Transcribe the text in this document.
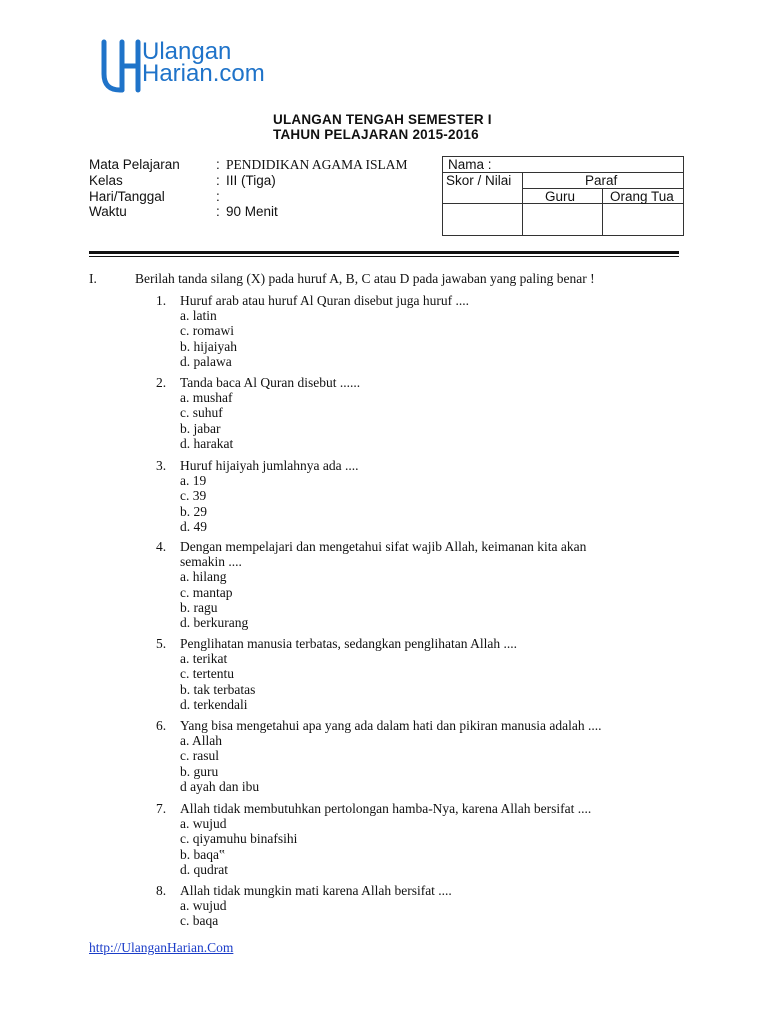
Ulangan
Harian.com
ULANGAN TENGAH SEMESTER I
TAHUN PELAJARAN 2015-2016
Mata Pelajaran	: PENDIDIKAN AGAMA ISLAM
Kelas	: III (Tiga)
Hari/Tanggal	:
Waktu	: 90 Menit
Nama :
Skor / Nilai	Paraf
Guru	Orang Tua
I.	Berilah tanda silang (X) pada huruf A, B, C atau D pada jawaban yang paling benar !
1. Huruf arab atau huruf Al Quran disebut juga huruf ....
a. latin
c. romawi
b. hijaiyah
d. palawa
2. Tanda baca Al Quran disebut ......
a. mushaf
c. suhuf
b. jabar
d. harakat
3. Huruf hijaiyah jumlahnya ada ....
a. 19
c. 39
b. 29
d. 49
4. Dengan mempelajari dan mengetahui sifat wajib Allah, keimanan kita akan
semakin ....
a. hilang
c. mantap
b. ragu
d. berkurang
5. Penglihatan manusia terbatas, sedangkan penglihatan Allah ....
a. terikat
c. tertentu
b. tak terbatas
d. terkendali
6. Yang bisa mengetahui apa yang ada dalam hati dan pikiran manusia adalah ....
a. Allah
c. rasul
b. guru
d ayah dan ibu
7. Allah tidak membutuhkan pertolongan hamba-Nya, karena Allah bersifat ....
a. wujud
c. qiyamuhu binafsihi
b. baqa‟
d. qudrat
8. Allah tidak mungkin mati karena Allah bersifat ....
a. wujud
c. baqa
http://UlanganHarian.Com
